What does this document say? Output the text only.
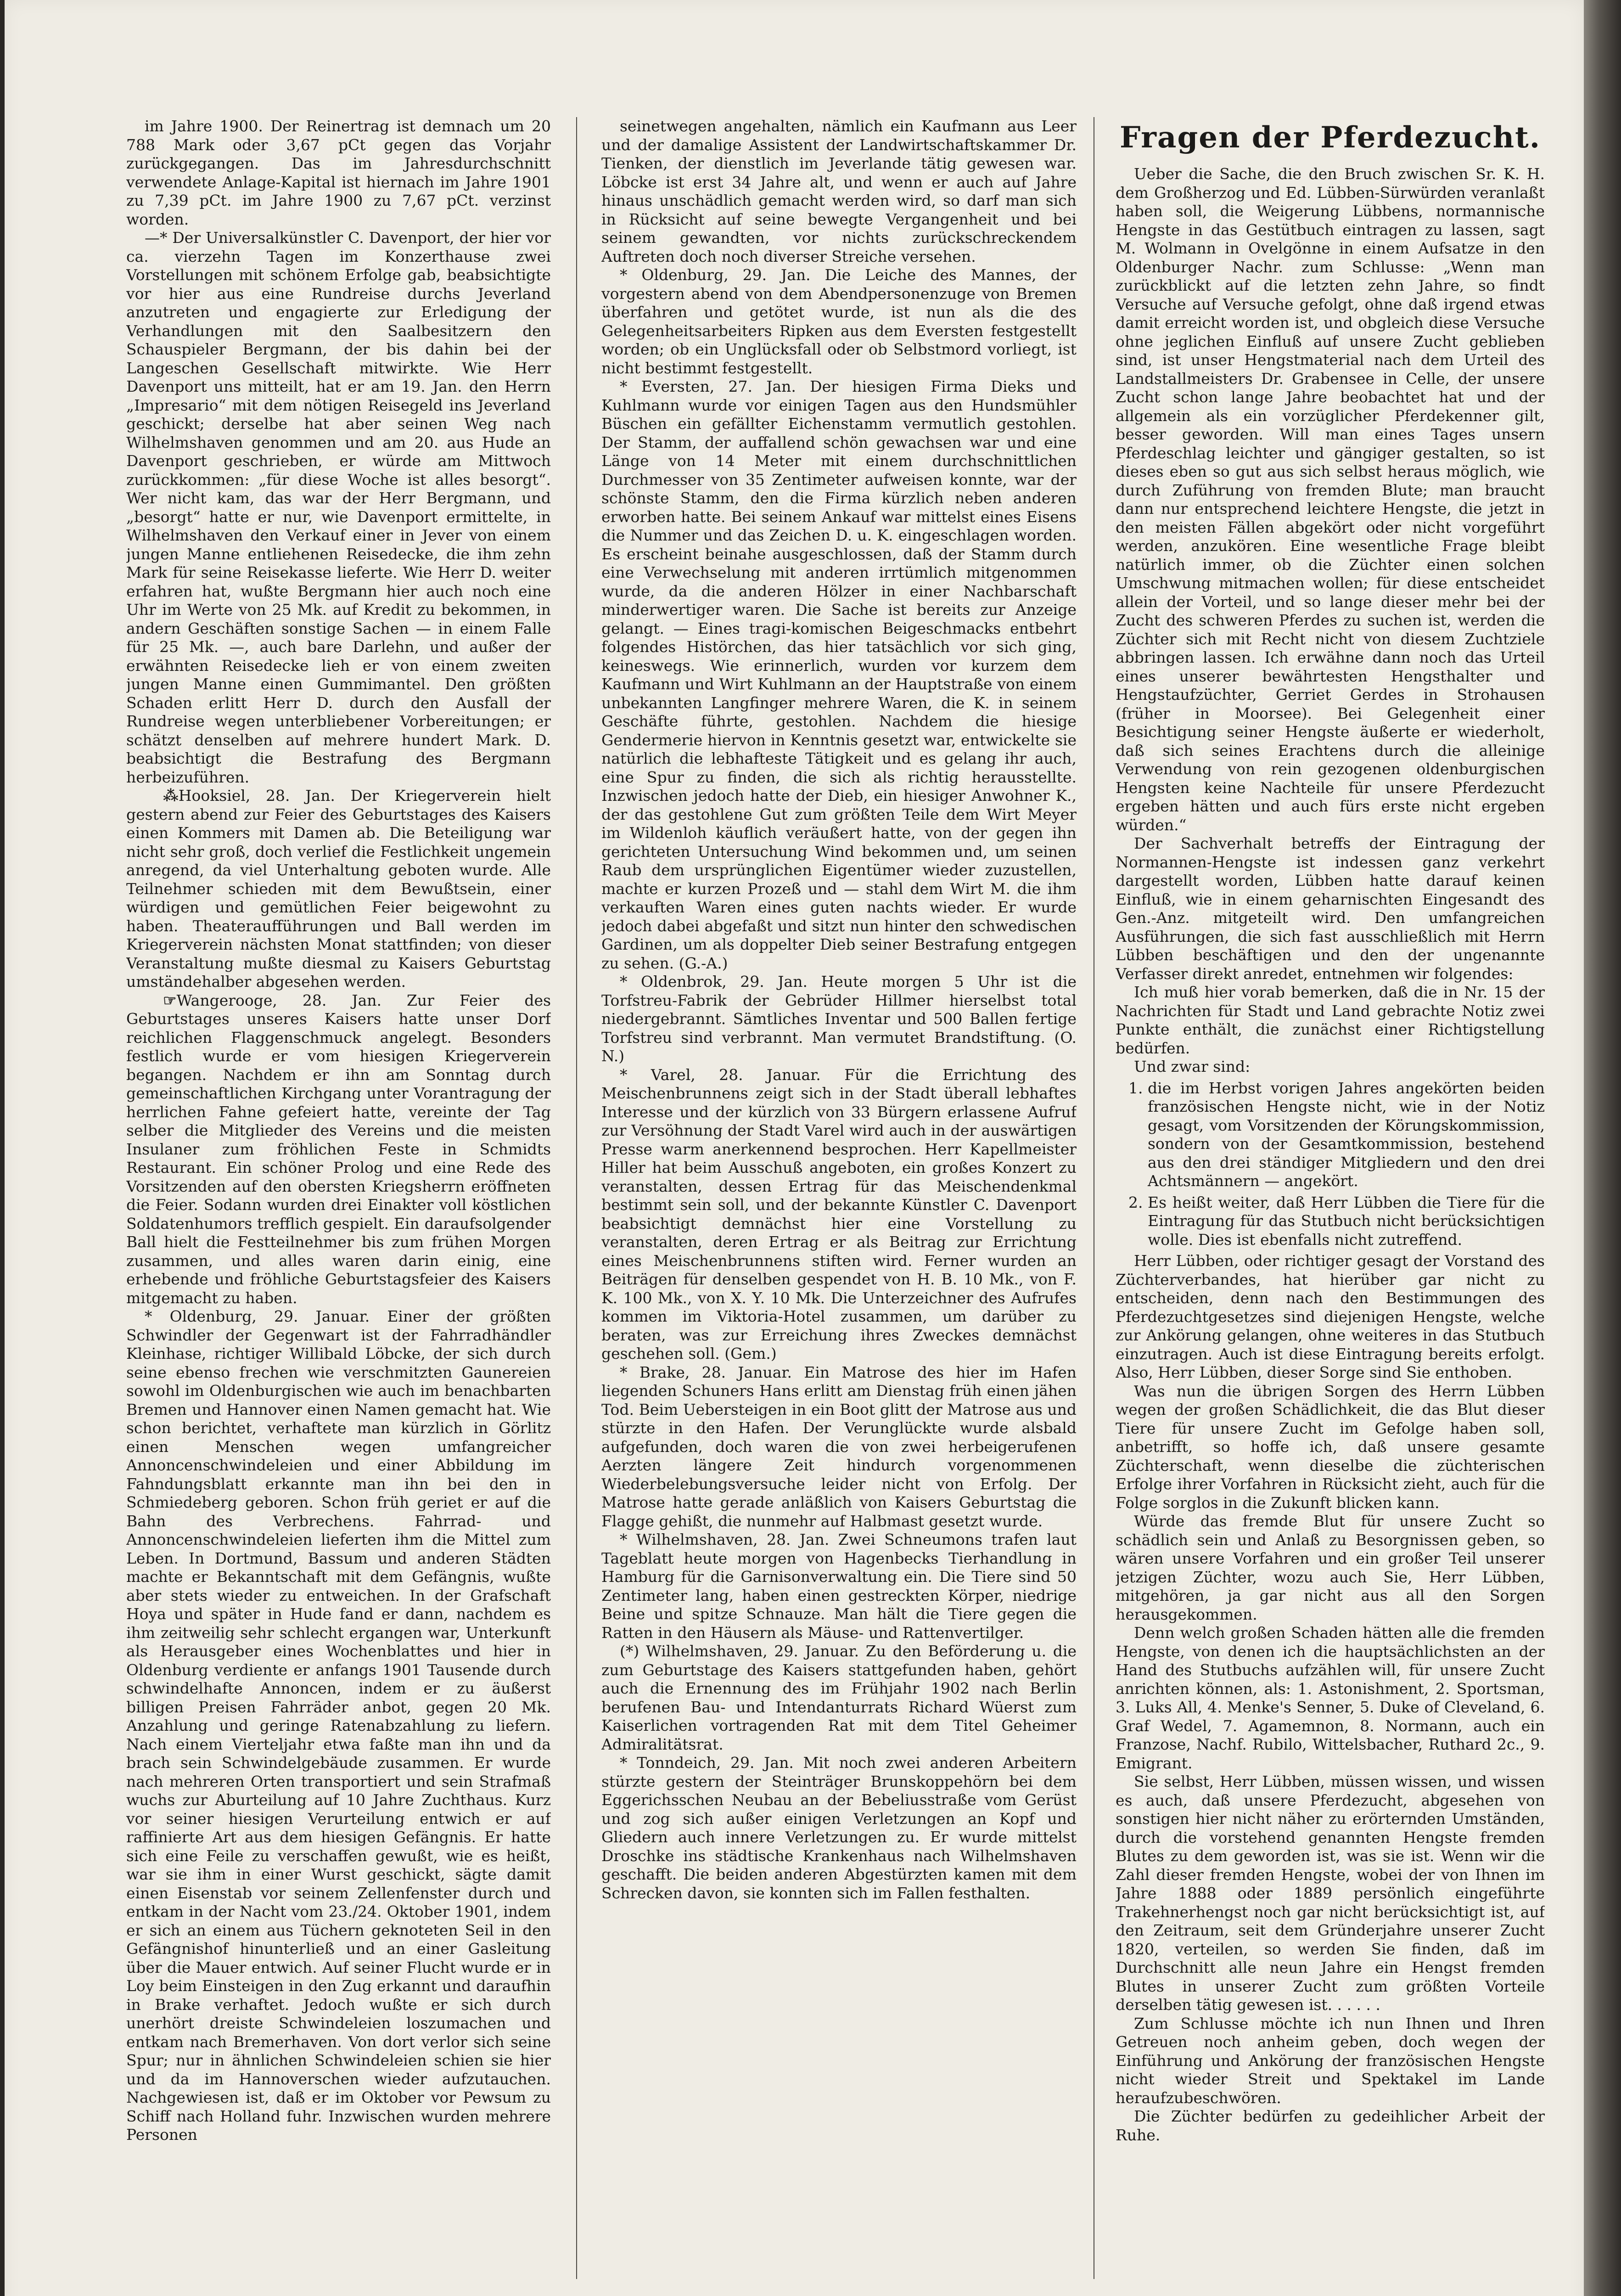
im Jahre 1900. Der Reinertrag ist demnach um 20 788 Mark oder 3,67 pCt gegen das Vorjahr zurückgegangen. Das im Jahresdurchschnitt verwendete Anlage-Kapital ist hiernach im Jahre 1901 zu 7,39 pCt. im Jahre 1900 zu 7,67 pCt. verzinst worden.

—* Der Universalkünstler C. Davenport, der hier vor ca. vierzehn Tagen im Konzerthause zwei Vorstellungen mit schönem Erfolge gab, beabsichtigte vor hier aus eine Rundreise durchs Jeverland anzutreten und engagierte zur Erledigung der Verhandlungen mit den Saalbesitzern den Schauspieler Bergmann, der bis dahin bei der Langeschen Gesellschaft mitwirkte. Wie Herr Davenport uns mitteilt, hat er am 19. Jan. den Herrn „Impresario“ mit dem nötigen Reisegeld ins Jeverland geschickt; derselbe hat aber seinen Weg nach Wilhelmshaven genommen und am 20. aus Hude an Davenport geschrieben, er würde am Mittwoch zurückkommen: „für diese Woche ist alles besorgt“. Wer nicht kam, das war der Herr Bergmann, und „besorgt“ hatte er nur, wie Davenport ermittelte, in Wilhelmshaven den Verkauf einer in Jever von einem jungen Manne entliehenen Reisedecke, die ihm zehn Mark für seine Reisekasse lieferte. Wie Herr D. weiter erfahren hat, wußte Bergmann hier auch noch eine Uhr im Werte von 25 Mk. auf Kredit zu bekommen, in andern Geschäften sonstige Sachen — in einem Falle für 25 Mk. —, auch bare Darlehn, und außer der erwähnten Reisedecke lieh er von einem zweiten jungen Manne einen Gummimantel. Den größten Schaden erlitt Herr D. durch den Ausfall der Rundreise wegen unterbliebener Vorbereitungen; er schätzt denselben auf mehrere hundert Mark. D. beabsichtigt die Bestrafung des Bergmann herbeizuführen.

⁂Hooksiel, 28. Jan. Der Kriegerverein hielt gestern abend zur Feier des Geburtstages des Kaisers einen Kommers mit Damen ab. Die Beteiligung war nicht sehr groß, doch verlief die Festlichkeit ungemein anregend, da viel Unterhaltung geboten wurde. Alle Teilnehmer schieden mit dem Bewußtsein, einer würdigen und gemütlichen Feier beigewohnt zu haben. Theateraufführungen und Ball werden im Kriegerverein nächsten Monat stattfinden; von dieser Veranstaltung mußte diesmal zu Kaisers Geburtstag umständehalber abgesehen werden.

☞Wangerooge, 28. Jan. Zur Feier des Geburtstages unseres Kaisers hatte unser Dorf reichlichen Flaggenschmuck angelegt. Besonders festlich wurde er vom hiesigen Kriegerverein begangen. Nachdem er ihn am Sonntag durch gemeinschaftlichen Kirchgang unter Vorantragung der herrlichen Fahne gefeiert hatte, vereinte der Tag selber die Mitglieder des Vereins und die meisten Insulaner zum fröhlichen Feste in Schmidts Restaurant. Ein schöner Prolog und eine Rede des Vorsitzenden auf den obersten Kriegsherrn eröffneten die Feier. Sodann wurden drei Einakter voll köstlichen Soldatenhumors trefflich gespielt. Ein daraufsolgender Ball hielt die Festteilnehmer bis zum frühen Morgen zusammen, und alles waren darin einig, eine erhebende und fröhliche Geburtstagsfeier des Kaisers mitgemacht zu haben.

* Oldenburg, 29. Januar. Einer der größten Schwindler der Gegenwart ist der Fahrradhändler Kleinhase, richtiger Willibald Löbcke, der sich durch seine ebenso frechen wie verschmitzten Gaunereien sowohl im Oldenburgischen wie auch im benachbarten Bremen und Hannover einen Namen gemacht hat. Wie schon berichtet, verhaftete man kürzlich in Görlitz einen Menschen wegen umfangreicher Annoncenschwindeleien und einer Abbildung im Fahndungsblatt erkannte man ihn bei den in Schmiedeberg geboren. Schon früh geriet er auf die Bahn des Verbrechens. Fahrrad- und Annoncenschwindeleien lieferten ihm die Mittel zum Leben. In Dortmund, Bassum und anderen Städten machte er Bekanntschaft mit dem Gefängnis, wußte aber stets wieder zu entweichen. In der Grafschaft Hoya und später in Hude fand er dann, nachdem es ihm zeitweilig sehr schlecht ergangen war, Unterkunft als Herausgeber eines Wochenblattes und hier in Oldenburg verdiente er anfangs 1901 Tausende durch schwindelhafte Annoncen, indem er zu äußerst billigen Preisen Fahrräder anbot, gegen 20 Mk. Anzahlung und geringe Ratenabzahlung zu liefern. Nach einem Vierteljahr etwa faßte man ihn und da brach sein Schwindelgebäude zusammen. Er wurde nach mehreren Orten transportiert und sein Strafmaß wuchs zur Aburteilung auf 10 Jahre Zuchthaus. Kurz vor seiner hiesigen Verurteilung entwich er auf raffinierte Art aus dem hiesigen Gefängnis. Er hatte sich eine Feile zu verschaffen gewußt, wie es heißt, war sie ihm in einer Wurst geschickt, sägte damit einen Eisenstab vor seinem Zellenfenster durch und entkam in der Nacht vom 23./24. Oktober 1901, indem er sich an einem aus Tüchern geknoteten Seil in den Gefängnishof hinunterließ und an einer Gasleitung über die Mauer entwich. Auf seiner Flucht wurde er in Loy beim Einsteigen in den Zug erkannt und daraufhin in Brake verhaftet. Jedoch wußte er sich durch unerhört dreiste Schwindeleien loszumachen und entkam nach Bremerhaven. Von dort verlor sich seine Spur; nur in ähnlichen Schwindeleien schien sie hier und da im Hannoverschen wieder aufzutauchen. Nachgewiesen ist, daß er im Oktober vor Pewsum zu Schiff nach Holland fuhr. Inzwischen wurden mehrere Personen

seinetwegen angehalten, nämlich ein Kaufmann aus Leer und der damalige Assistent der Landwirtschaftskammer Dr. Tienken, der dienstlich im Jeverlande tätig gewesen war. Löbcke ist erst 34 Jahre alt, und wenn er auch auf Jahre hinaus unschädlich gemacht werden wird, so darf man sich in Rücksicht auf seine bewegte Vergangenheit und bei seinem gewandten, vor nichts zurückschreckendem Auftreten doch noch diverser Streiche versehen.

* Oldenburg, 29. Jan. Die Leiche des Mannes, der vorgestern abend von dem Abendpersonenzuge von Bremen überfahren und getötet wurde, ist nun als die des Gelegenheitsarbeiters Ripken aus dem Eversten festgestellt worden; ob ein Unglücksfall oder ob Selbstmord vorliegt, ist nicht bestimmt festgestellt.

* Eversten, 27. Jan. Der hiesigen Firma Dieks und Kuhlmann wurde vor einigen Tagen aus den Hundsmühler Büschen ein gefällter Eichenstamm vermutlich gestohlen. Der Stamm, der auffallend schön gewachsen war und eine Länge von 14 Meter mit einem durchschnittlichen Durchmesser von 35 Zentimeter aufweisen konnte, war der schönste Stamm, den die Firma kürzlich neben anderen erworben hatte. Bei seinem Ankauf war mittelst eines Eisens die Nummer und das Zeichen D. u. K. eingeschlagen worden. Es erscheint beinahe ausgeschlossen, daß der Stamm durch eine Verwechselung mit anderen irrtümlich mitgenommen wurde, da die anderen Hölzer in einer Nachbarschaft minderwertiger waren. Die Sache ist bereits zur Anzeige gelangt. — Eines tragi-komischen Beigeschmacks entbehrt folgendes Histörchen, das hier tatsächlich vor sich ging, keineswegs. Wie erinnerlich, wurden vor kurzem dem Kaufmann und Wirt Kuhlmann an der Hauptstraße von einem unbekannten Langfinger mehrere Waren, die K. in seinem Geschäfte führte, gestohlen. Nachdem die hiesige Gendermerie hiervon in Kenntnis gesetzt war, entwickelte sie natürlich die lebhafteste Tätigkeit und es gelang ihr auch, eine Spur zu finden, die sich als richtig herausstellte. Inzwischen jedoch hatte der Dieb, ein hiesiger Anwohner K., der das gestohlene Gut zum größten Teile dem Wirt Meyer im Wildenloh käuflich veräußert hatte, von der gegen ihn gerichteten Untersuchung Wind bekommen und, um seinen Raub dem ursprünglichen Eigentümer wieder zuzustellen, machte er kurzen Prozeß und — stahl dem Wirt M. die ihm verkauften Waren eines guten nachts wieder. Er wurde jedoch dabei abgefaßt und sitzt nun hinter den schwedischen Gardinen, um als doppelter Dieb seiner Bestrafung entgegen zu sehen. (G.-A.)

* Oldenbrok, 29. Jan. Heute morgen 5 Uhr ist die Torfstreu-Fabrik der Gebrüder Hillmer hierselbst total niedergebrannt. Sämtliches Inventar und 500 Ballen fertige Torfstreu sind verbrannt. Man vermutet Brandstiftung. (O. N.)

* Varel, 28. Januar. Für die Errichtung des Meischenbrunnens zeigt sich in der Stadt überall lebhaftes Interesse und der kürzlich von 33 Bürgern erlassene Aufruf zur Versöhnung der Stadt Varel wird auch in der auswärtigen Presse warm anerkennend besprochen. Herr Kapellmeister Hiller hat beim Ausschuß angeboten, ein großes Konzert zu veranstalten, dessen Ertrag für das Meischendenkmal bestimmt sein soll, und der bekannte Künstler C. Davenport beabsichtigt demnächst hier eine Vorstellung zu veranstalten, deren Ertrag er als Beitrag zur Errichtung eines Meischenbrunnens stiften wird. Ferner wurden an Beiträgen für denselben gespendet von H. B. 10 Mk., von F. K. 100 Mk., von X. Y. 10 Mk. Die Unterzeichner des Aufrufes kommen im Viktoria-Hotel zusammen, um darüber zu beraten, was zur Erreichung ihres Zweckes demnächst geschehen soll. (Gem.)

* Brake, 28. Januar. Ein Matrose des hier im Hafen liegenden Schuners Hans erlitt am Dienstag früh einen jähen Tod. Beim Uebersteigen in ein Boot glitt der Matrose aus und stürzte in den Hafen. Der Verunglückte wurde alsbald aufgefunden, doch waren die von zwei herbeigerufenen Aerzten längere Zeit hindurch vorgenommenen Wiederbelebungsversuche leider nicht von Erfolg. Der Matrose hatte gerade anläßlich von Kaisers Geburtstag die Flagge gehißt, die nunmehr auf Halbmast gesetzt wurde.

* Wilhelmshaven, 28. Jan. Zwei Schneumons trafen laut Tageblatt heute morgen von Hagenbecks Tierhandlung in Hamburg für die Garnisonverwaltung ein. Die Tiere sind 50 Zentimeter lang, haben einen gestreckten Körper, niedrige Beine und spitze Schnauze. Man hält die Tiere gegen die Ratten in den Häusern als Mäuse- und Rattenvertilger.

(*) Wilhelmshaven, 29. Januar. Zu den Beförderung u. die zum Geburtstage des Kaisers stattgefunden haben, gehört auch die Ernennung des im Frühjahr 1902 nach Berlin berufenen Bau- und Intendanturrats Richard Wüerst zum Kaiserlichen vortragenden Rat mit dem Titel Geheimer Admiralitätsrat.

* Tonndeich, 29. Jan. Mit noch zwei anderen Arbeitern stürzte gestern der Steinträger Brunskoppehörn bei dem Eggerichsschen Neubau an der Bebeliusstraße vom Gerüst und zog sich außer einigen Verletzungen an Kopf und Gliedern auch innere Verletzungen zu. Er wurde mittelst Droschke ins städtische Krankenhaus nach Wilhelmshaven geschafft. Die beiden anderen Abgestürzten kamen mit dem Schrecken davon, sie konnten sich im Fallen festhalten.

Fragen der Pferdezucht.

Ueber die Sache, die den Bruch zwischen Sr. K. H. dem Großherzog und Ed. Lübben-Sürwürden veranlaßt haben soll, die Weigerung Lübbens, normannische Hengste in das Gestütbuch eintragen zu lassen, sagt M. Wolmann in Ovelgönne in einem Aufsatze in den Oldenburger Nachr. zum Schlusse: „Wenn man zurückblickt auf die letzten zehn Jahre, so findt Versuche auf Versuche gefolgt, ohne daß irgend etwas damit erreicht worden ist, und obgleich diese Versuche ohne jeglichen Einfluß auf unsere Zucht geblieben sind, ist unser Hengstmaterial nach dem Urteil des Landstallmeisters Dr. Grabensee in Celle, der unsere Zucht schon lange Jahre beobachtet hat und der allgemein als ein vorzüglicher Pferdekenner gilt, besser geworden. Will man eines Tages unsern Pferdeschlag leichter und gängiger gestalten, so ist dieses eben so gut aus sich selbst heraus möglich, wie durch Zuführung von fremden Blute; man braucht dann nur entsprechend leichtere Hengste, die jetzt in den meisten Fällen abgekört oder nicht vorgeführt werden, anzukören. Eine wesentliche Frage bleibt natürlich immer, ob die Züchter einen solchen Umschwung mitmachen wollen; für diese entscheidet allein der Vorteil, und so lange dieser mehr bei der Zucht des schweren Pferdes zu suchen ist, werden die Züchter sich mit Recht nicht von diesem Zuchtziele abbringen lassen. Ich erwähne dann noch das Urteil eines unserer bewährtesten Hengsthalter und Hengstaufzüchter, Gerriet Gerdes in Strohausen (früher in Moorsee). Bei Gelegenheit einer Besichtigung seiner Hengste äußerte er wiederholt, daß sich seines Erachtens durch die alleinige Verwendung von rein gezogenen oldenburgischen Hengsten keine Nachteile für unsere Pferdezucht ergeben hätten und auch fürs erste nicht ergeben würden.“

Der Sachverhalt betreffs der Eintragung der Normannen-Hengste ist indessen ganz verkehrt dargestellt worden, Lübben hatte darauf keinen Einfluß, wie in einem geharnischten Eingesandt des Gen.-Anz. mitgeteilt wird. Den umfangreichen Ausführungen, die sich fast ausschließlich mit Herrn Lübben beschäftigen und den der ungenannte Verfasser direkt anredet, entnehmen wir folgendes:

Ich muß hier vorab bemerken, daß die in Nr. 15 der Nachrichten für Stadt und Land gebrachte Notiz zwei Punkte enthält, die zunächst einer Richtigstellung bedürfen.

Und zwar sind:

1. die im Herbst vorigen Jahres angekörten beiden französischen Hengste nicht, wie in der Notiz gesagt, vom Vorsitzenden der Körungskommission, sondern von der Gesamtkommission, bestehend aus den drei ständiger Mitgliedern und den drei Achtsmännern — angekört.
2. Es heißt weiter, daß Herr Lübben die Tiere für die Eintragung für das Stutbuch nicht berücksichtigen wolle. Dies ist ebenfalls nicht zutreffend.

Herr Lübben, oder richtiger gesagt der Vorstand des Züchterverbandes, hat hierüber gar nicht zu entscheiden, denn nach den Bestimmungen des Pferdezuchtgesetzes sind diejenigen Hengste, welche zur Ankörung gelangen, ohne weiteres in das Stutbuch einzutragen. Auch ist diese Eintragung bereits erfolgt. Also, Herr Lübben, dieser Sorge sind Sie enthoben.

Was nun die übrigen Sorgen des Herrn Lübben wegen der großen Schädlichkeit, die das Blut dieser Tiere für unsere Zucht im Gefolge haben soll, anbetrifft, so hoffe ich, daß unsere gesamte Züchterschaft, wenn dieselbe die züchterischen Erfolge ihrer Vorfahren in Rücksicht zieht, auch für die Folge sorglos in die Zukunft blicken kann.

Würde das fremde Blut für unsere Zucht so schädlich sein und Anlaß zu Besorgnissen geben, so wären unsere Vorfahren und ein großer Teil unserer jetzigen Züchter, wozu auch Sie, Herr Lübben, mitgehören, ja gar nicht aus all den Sorgen herausgekommen.

Denn welch großen Schaden hätten alle die fremden Hengste, von denen ich die hauptsächlichsten an der Hand des Stutbuchs aufzählen will, für unsere Zucht anrichten können, als: 1. Astonishment, 2. Sportsman, 3. Luks All, 4. Menke's Senner, 5. Duke of Cleveland, 6. Graf Wedel, 7. Agamemnon, 8. Normann, auch ein Franzose, Nachf. Rubilo, Wittelsbacher, Ruthard 2c., 9. Emigrant.

Sie selbst, Herr Lübben, müssen wissen, und wissen es auch, daß unsere Pferdezucht, abgesehen von sonstigen hier nicht näher zu erörternden Umständen, durch die vorstehend genannten Hengste fremden Blutes zu dem geworden ist, was sie ist. Wenn wir die Zahl dieser fremden Hengste, wobei der von Ihnen im Jahre 1888 oder 1889 persönlich eingeführte Trakehnerhengst noch gar nicht berücksichtigt ist, auf den Zeitraum, seit dem Gründerjahre unserer Zucht 1820, verteilen, so werden Sie finden, daß im Durchschnitt alle neun Jahre ein Hengst fremden Blutes in unserer Zucht zum größten Vorteile derselben tätig gewesen ist. . . . . .

Zum Schlusse möchte ich nun Ihnen und Ihren Getreuen noch anheim geben, doch wegen der Einführung und Ankörung der französischen Hengste nicht wieder Streit und Spektakel im Lande heraufzubeschwören.

Die Züchter bedürfen zu gedeihlicher Arbeit der Ruhe.
